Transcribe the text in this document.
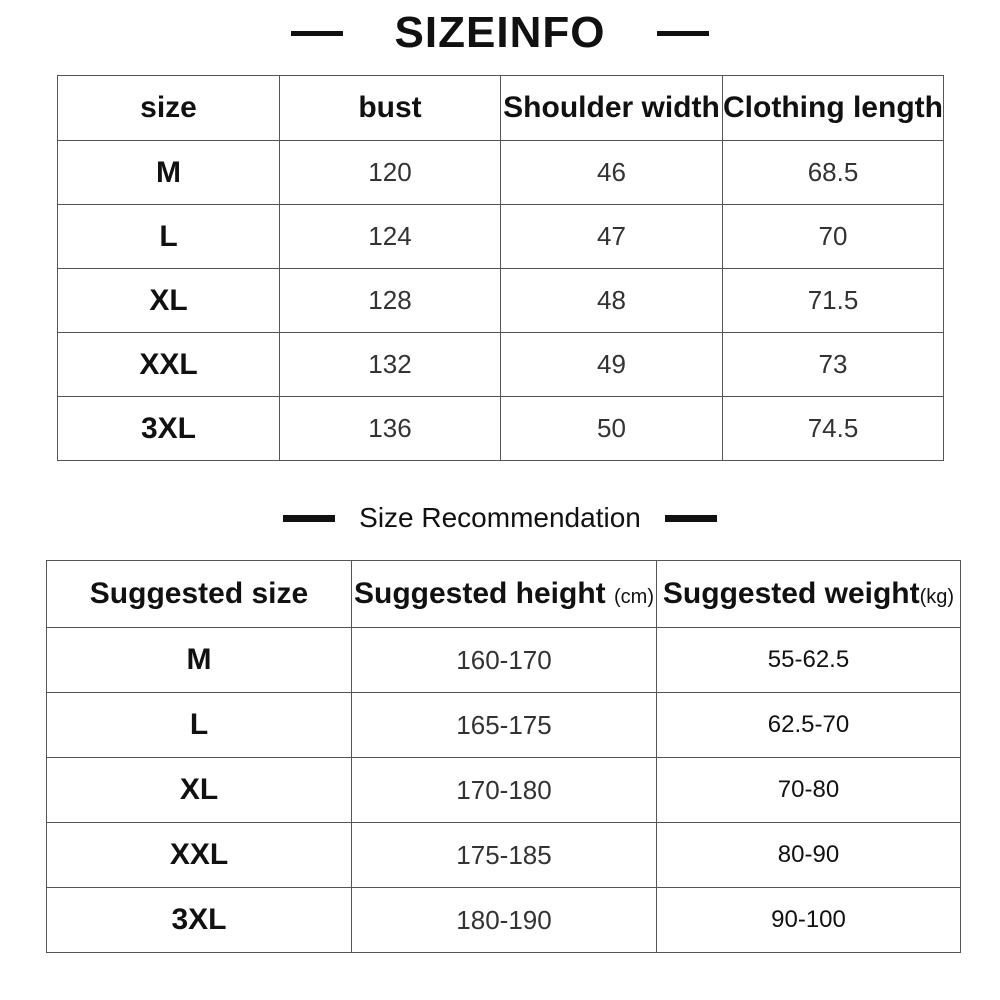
SIZEINFO
size	bust	Shoulder width	Clothing length
M	120	46	68.5
L	124	47	70
XL	128	48	71.5
XXL	132	49	73
3XL	136	50	74.5
Size Recommendation
Suggested size	Suggested height (cm)	Suggested weight(kg)
M	160-170	55-62.5
L	165-175	62.5-70
XL	170-180	70-80
XXL	175-185	80-90
3XL	180-190	90-100
